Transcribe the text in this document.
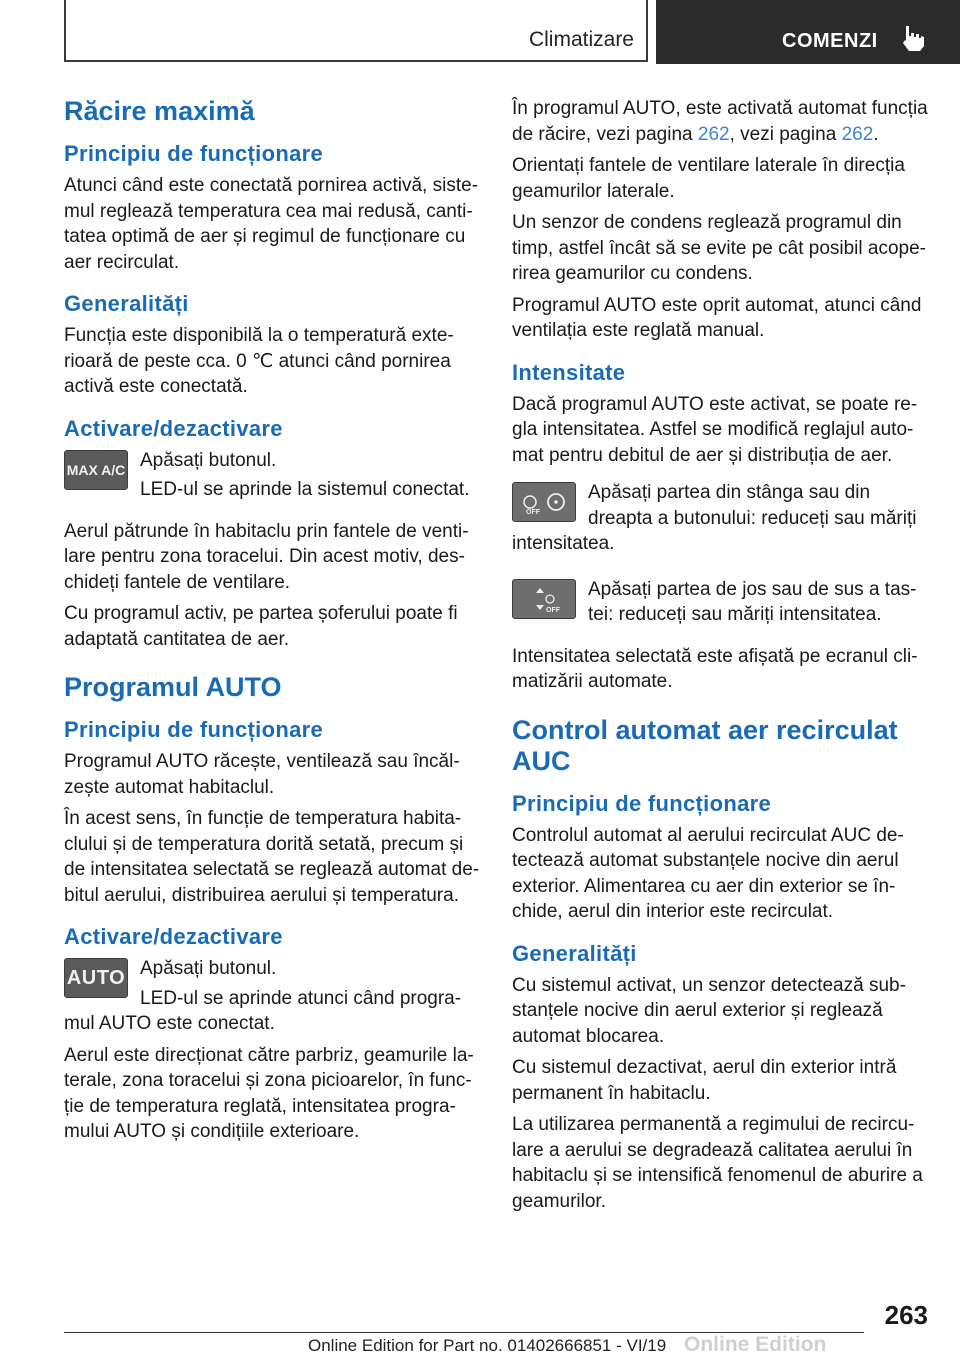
Climatizare	COMENZI
Răcire maximă
Principiu de funcționare

Atunci când este conectată pornirea activă, sistemul reglează temperatura cea mai redusă, cantitatea optimă de aer și regimul de funcționare cu aer recirculat.

Generalități

Funcția este disponibilă la o temperatură exterioară de peste cca. 0 ℃ atunci când pornirea activă este conectată.

Activare/dezactivare
MAX A/C Apăsați butonul.

LED-ul se aprinde la sistemul conectat.

Aerul pătrunde în habitaclu prin fantele de ventilare pentru zona toracelui. Din acest motiv, deschideți fantele de ventilare.

Cu programul activ, pe partea șoferului poate fi adaptată cantitatea de aer.

Programul AUTO
Principiu de funcționare

Programul AUTO răcește, ventilează sau încălzește automat habitaclul.

În acest sens, în funcție de temperatura habitaclului și de temperatura dorită setată, precum și de intensitatea selectată se reglează automat debitul aerului, distribuirea aerului și temperatura.

Activare/dezactivare
AUTO Apăsați butonul.

LED-ul se aprinde atunci când programul AUTO este conectat.

Aerul este direcționat către parbriz, geamurile laterale, zona toracelui și zona picioarelor, în funcție de temperatura reglată, intensitatea programului AUTO și condițiile exterioare.

În programul AUTO, este activată automat funcția de răcire, vezi pagina 262, vezi pagina 262.

Orientați fantele de ventilare laterale în direcția geamurilor laterale.

Un senzor de condens reglează programul din timp, astfel încât să se evite pe cât posibil acoperirea geamurilor cu condens.

Programul AUTO este oprit automat, atunci când ventilația este reglată manual.

Intensitate

Dacă programul AUTO este activat, se poate regla intensitatea. Astfel se modifică reglajul automat pentru debitul de aer și distribuția de aer.

OFF

Apăsați partea din stânga sau din dreapta a butonului: reduceți sau măriți intensitatea.

OFF

Apăsați partea de jos sau de sus a tastei: reduceți sau măriți intensitatea.

Intensitatea selectată este afișată pe ecranul climatizării automate.

Control automat aer recirculat AUC
Principiu de funcționare

Controlul automat al aerului recirculat AUC detectează automat substanțele nocive din aerul exterior. Alimentarea cu aer din exterior se închide, aerul din interior este recirculat.

Generalități

Cu sistemul activat, un senzor detectează substanțele nocive din aerul exterior și reglează automat blocarea.

Cu sistemul dezactivat, aerul din exterior intră permanent în habitaclu.

La utilizarea permanentă a regimului de recirculare a aerului se degradează calitatea aerului în habitaclu și se intensifică fenomenul de aburire a geamurilor.

263
Online Edition for Part no. 01402666851 - VI/19 Online Edition
